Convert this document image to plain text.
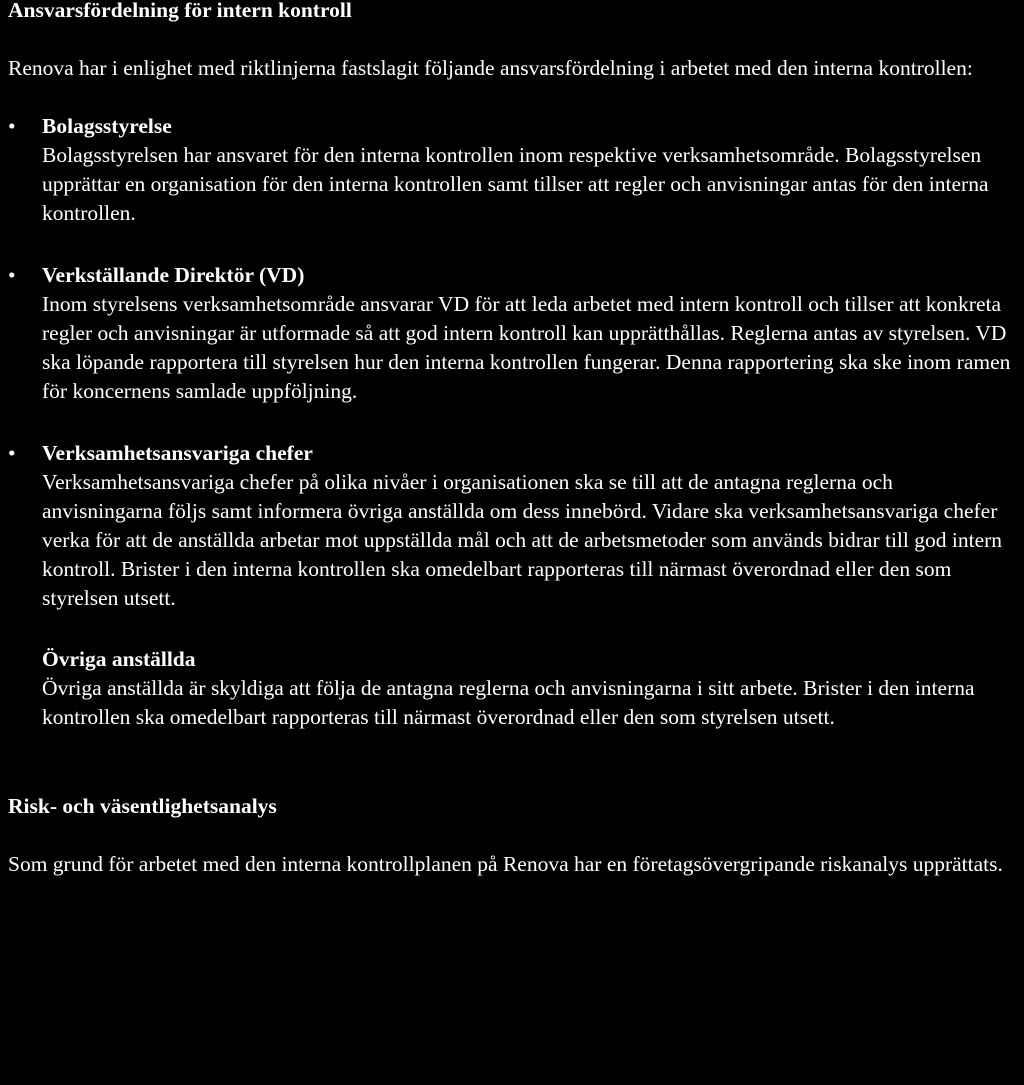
Ansvarsfördelning för intern kontroll

Renova har i enlighet med riktlinjerna fastslagit följande ansvarsfördelning i arbetet med den interna kontrollen:

•	Bolagsstyrelse

Bolagsstyrelsen har ansvaret för den interna kontrollen inom respektive verksamhetsområde. Bolagsstyrelsen upprättar en organisation för den interna kontrollen samt tillser att regler och anvisningar antas för den interna kontrollen.

•	Verkställande Direktör (VD)

Inom styrelsens verksamhetsområde ansvarar VD för att leda arbetet med intern kontroll och tillser att konkreta regler och anvisningar är utformade så att god intern kontroll kan upprätthållas. Reglerna antas av styrelsen. VD ska löpande rapportera till styrelsen hur den interna kontrollen fungerar. Denna rapportering ska ske inom ramen för koncernens samlade uppföljning.

•	Verksamhetsansvariga chefer

Verksamhetsansvariga chefer på olika nivåer i organisationen ska se till att de antagna reglerna och anvisningarna följs samt informera övriga anställda om dess innebörd. Vidare ska verksamhetsansvariga chefer verka för att de anställda arbetar mot uppställda mål och att de arbetsmetoder som används bidrar till god intern kontroll. Brister i den interna kontrollen ska omedelbart rapporteras till närmast överordnad eller den som styrelsen utsett.

Övriga anställda

Övriga anställda är skyldiga att följa de antagna reglerna och anvisningarna i sitt arbete. Brister i den interna kontrollen ska omedelbart rapporteras till närmast överordnad eller den som styrelsen utsett.

Risk- och väsentlighetsanalys

Som grund för arbetet med den interna kontrollplanen på Renova har en företagsövergripande riskanalys upprättats.
